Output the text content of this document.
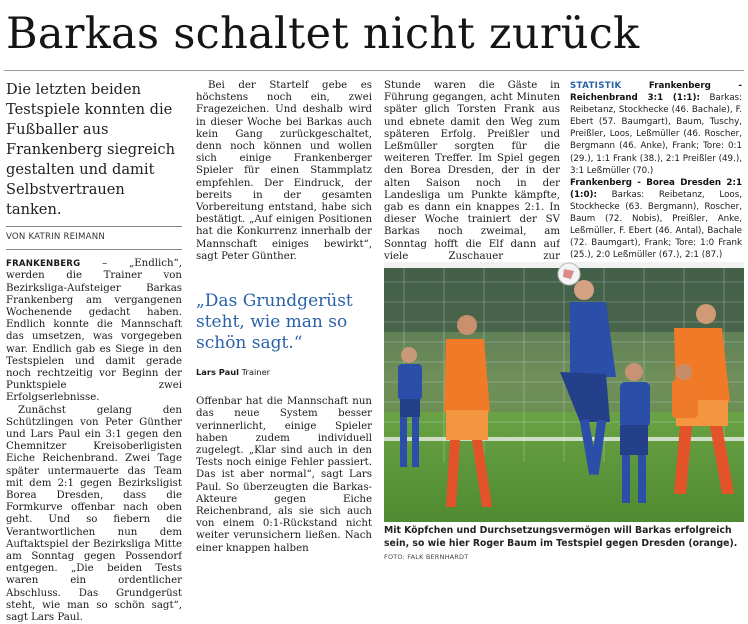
Barkas schaltet nicht zurück

Die letzten beiden Testspiele konnten die Fußballer aus Frankenberg siegreich gestalten und damit Selbstvertrauen tanken.

VON KATRIN REIMANN

FRANKENBERG – „Endlich“, werden die Trainer von Bezirksliga-Aufsteiger Barkas Frankenberg am vergangenen Wochenende gedacht haben. Endlich konnte die Mannschaft das umsetzen, was vorgegeben war. Endlich gab es Siege in den Testspielen und damit gerade noch rechtzeitig vor Beginn der Punktspiele zwei Erfolgserlebnisse.

Zunächst gelang den Schützlingen von Peter Günther und Lars Paul ein 3:1 gegen den Chemnitzer Kreisoberligisten Eiche Reichenbrand. Zwei Tage später untermauerte das Team mit dem 2:1 gegen Bezirksligist Borea Dresden, dass die Formkurve offenbar nach oben geht. Und so fiebern die Verantwortlichen nun dem Auftaktspiel der Bezirksliga Mitte am Sonntag gegen Possendorf entgegen. „Die beiden Tests waren ein ordentlicher Abschluss. Das Grundgerüst steht, wie man so schön sagt“, sagt Lars Paul.

Bei der Startelf gebe es höchstens noch ein, zwei Fragezeichen. Und deshalb wird in dieser Woche bei Barkas auch kein Gang zurückgeschaltet, denn noch können und wollen sich einige Frankenberger Spieler für einen Stammplatz empfehlen. Der Eindruck, der bereits in der gesamten Vorbereitung entstand, habe sich bestätigt. „Auf einigen Positionen hat die Konkurrenz innerhalb der Mannschaft einiges bewirkt“, sagt Peter Günther.

„Das Grundgerüst steht, wie man so schön sagt.“

Lars Paul Trainer

Offenbar hat die Mannschaft nun das neue System besser verinnerlicht, einige Spieler haben zudem individuell zugelegt. „Klar sind auch in den Tests noch einige Fehler passiert. Das ist aber normal“, sagt Lars Paul. So überzeugten die Barkas-Akteure gegen Eiche Reichenbrand, als sie sich auch von einem 0:1-Rückstand nicht weiter verunsichern ließen. Nach einer knappen halben

Stunde waren die Gäste in Führung gegangen, acht Minuten später glich Torsten Frank aus und ebnete damit den Weg zum späteren Erfolg. Preißler und Leßmüller sorgten für die weiteren Treffer. Im Spiel gegen den Borea Dresden, der in der alten Saison noch in der Landesliga um Punkte kämpfte, gab es dann ein knappes 2:1. In dieser Woche trainiert der SV Barkas noch zweimal, am Sonntag hofft die Elf dann auf viele Zuschauer zur

STATISTIK	Frankenberg - Reichenbrand 3:1 (1:1): Barkas: Reibetanz, Stockhecke (46. Bachale), F. Ebert (57. Baumgart), Baum, Tuschy, Preißler, Loos, Leßmüller (46. Roscher, Bergmann (46. Anke), Frank; Tore: 0:1 (29.), 1:1 Frank (38.), 2:1 Preißler (49.), 3:1 Leßmüller (70.)

Frankenberg - Borea Dresden 2:1 (1:0): Barkas: Reibetanz, Loos, Stockhecke (63. Bergmann), Roscher, Baum (72. Nobis), Preißler, Anke, Leßmüller, F. Ebert (46. Antal), Bachale (72. Baumgart), Frank; Tore: 1:0 Frank (25.), 2:0 Leßmüller (67.), 2:1 (87.)

Mit Köpfchen und Durchsetzungsvermögen will Barkas erfolgreich sein, so wie hier Roger Baum im Testspiel gegen Dresden (orange). FOTO: FALK BERNHARDT
